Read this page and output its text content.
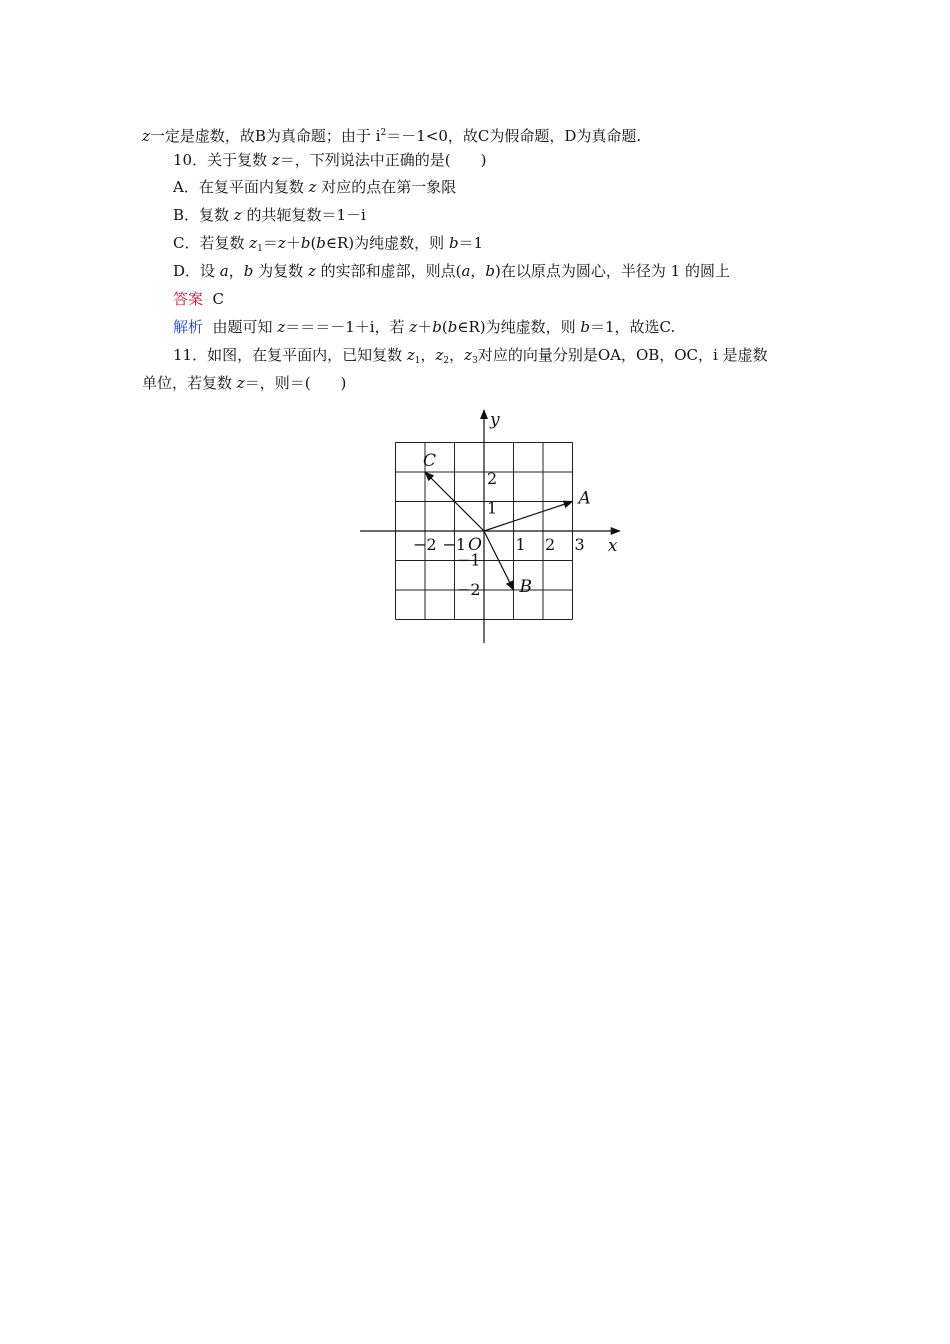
z一定是虚数，故B为真命题；由于 $i^2=-1<0$，故C为假命题，D为真命题.
10．关于复数 z＝，下列说法中正确的是(　　)
A．在复平面内复数 z 对应的点在第一象限
B．复数 z 的共轭复数＝1－i
C．若复数 $z_1=z+b(b\in R)$为纯虚数，则 b＝1
D．设 a，b 为复数 z 的实部和虚部，则点(a，b)在以原点为圆心，半径为 1 的圆上
答案  C
解析  由题可知 z＝＝＝－1＋i，若 z＋b(b∈R)为纯虚数，则 b＝1，故选C.
11．如图，在复平面内，已知复数 $z_1$，$z_2$，$z_3$对应的向量分别是OA，OB，OC，i 是虚数
单位，若复数 z＝，则＝(　　)
A
B
C
x
y
O
−2 −1	1 2 3
2
1
−1
−2
